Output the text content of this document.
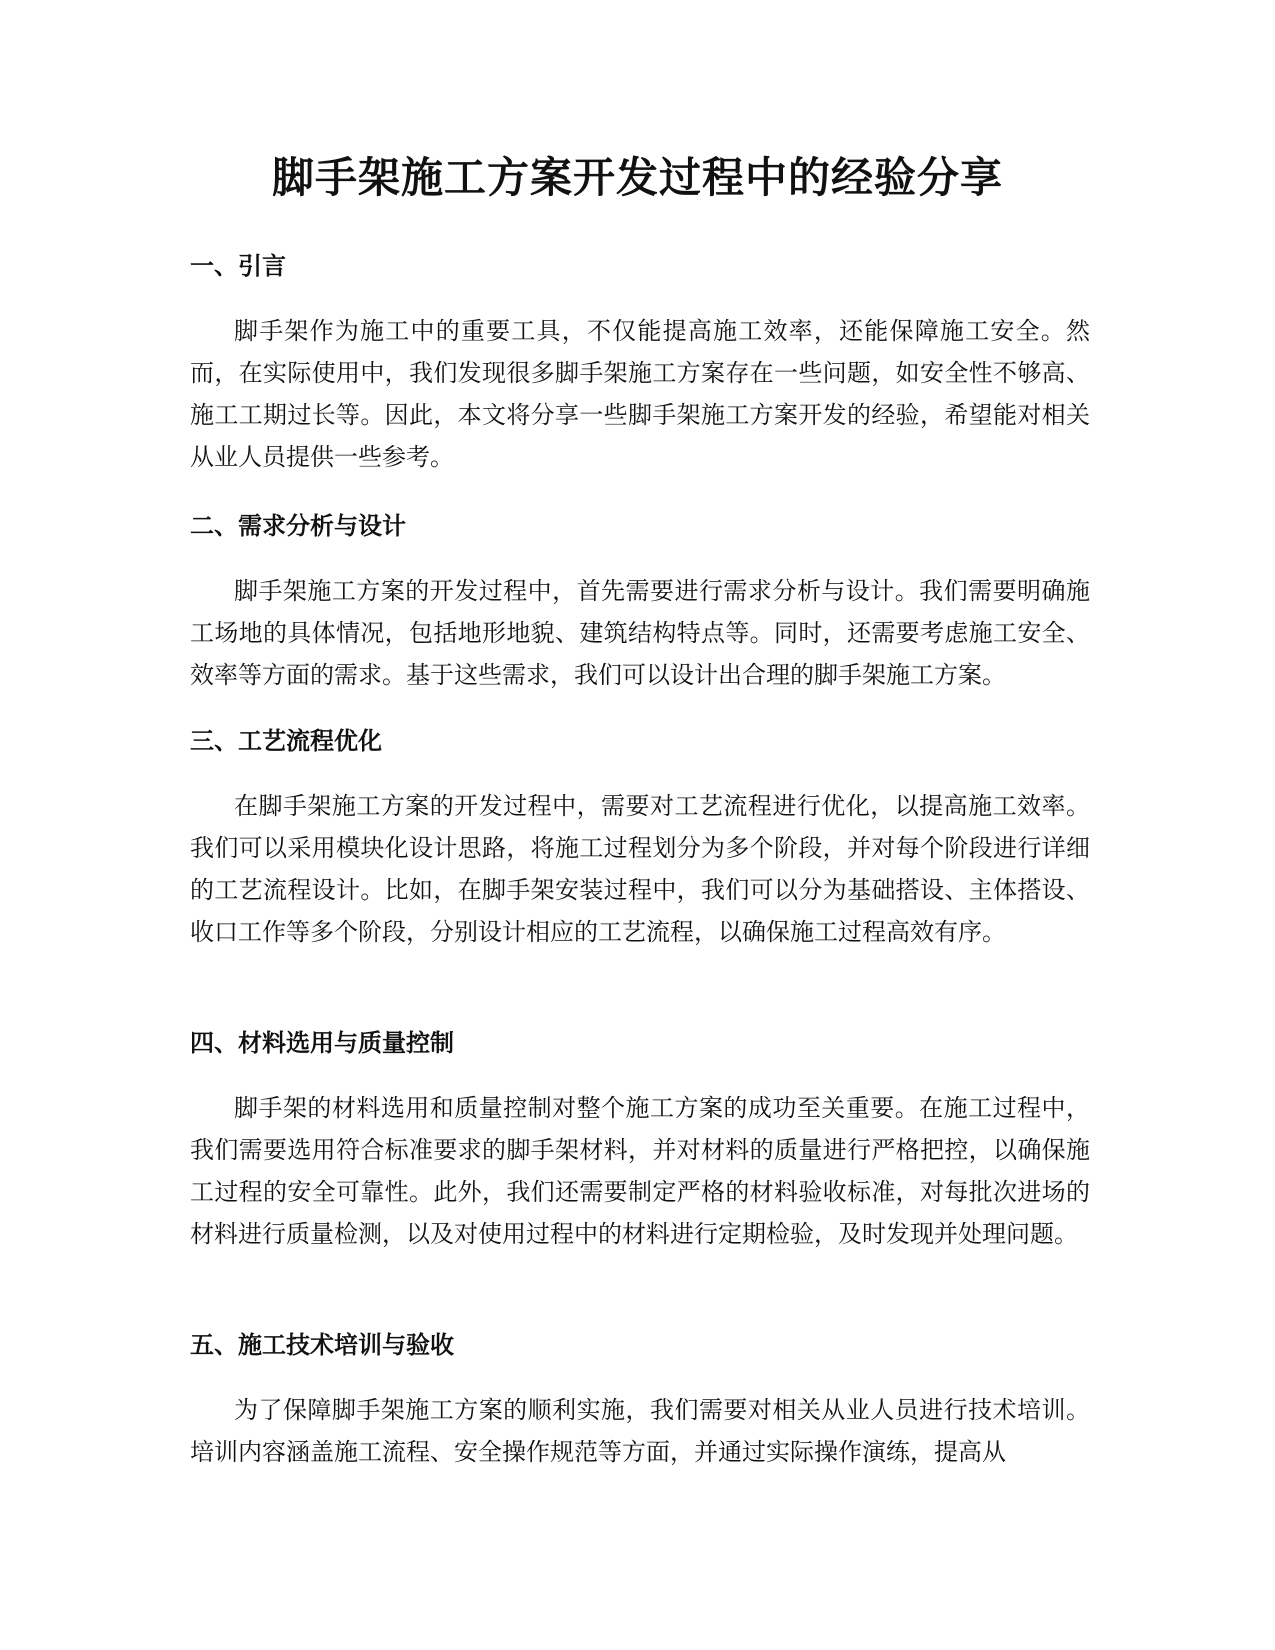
脚手架施工方案开发过程中的经验分享
一、引言

脚手架作为施工中的重要工具，不仅能提高施工效率，还能保障施工安全。然而，在实际使用中，我们发现很多脚手架施工方案存在一些问题，如安全性不够高、施工工期过长等。因此，本文将分享一些脚手架施工方案开发的经验，希望能对相关从业人员提供一些参考。

二、需求分析与设计

脚手架施工方案的开发过程中，首先需要进行需求分析与设计。我们需要明确施工场地的具体情况，包括地形地貌、建筑结构特点等。同时，还需要考虑施工安全、效率等方面的需求。基于这些需求，我们可以设计出合理的脚手架施工方案。

三、工艺流程优化

在脚手架施工方案的开发过程中，需要对工艺流程进行优化，以提高施工效率。我们可以采用模块化设计思路，将施工过程划分为多个阶段，并对每个阶段进行详细的工艺流程设计。比如，在脚手架安装过程中，我们可以分为基础搭设、主体搭设、收口工作等多个阶段，分别设计相应的工艺流程，以确保施工过程高效有序。

四、材料选用与质量控制

脚手架的材料选用和质量控制对整个施工方案的成功至关重要。在施工过程中，我们需要选用符合标准要求的脚手架材料，并对材料的质量进行严格把控，以确保施工过程的安全可靠性。此外，我们还需要制定严格的材料验收标准，对每批次进场的材料进行质量检测，以及对使用过程中的材料进行定期检验，及时发现并处理问题。

五、施工技术培训与验收

为了保障脚手架施工方案的顺利实施，我们需要对相关从业人员进行技术培训。培训内容涵盖施工流程、安全操作规范等方面，并通过实际操作演练，提高从
